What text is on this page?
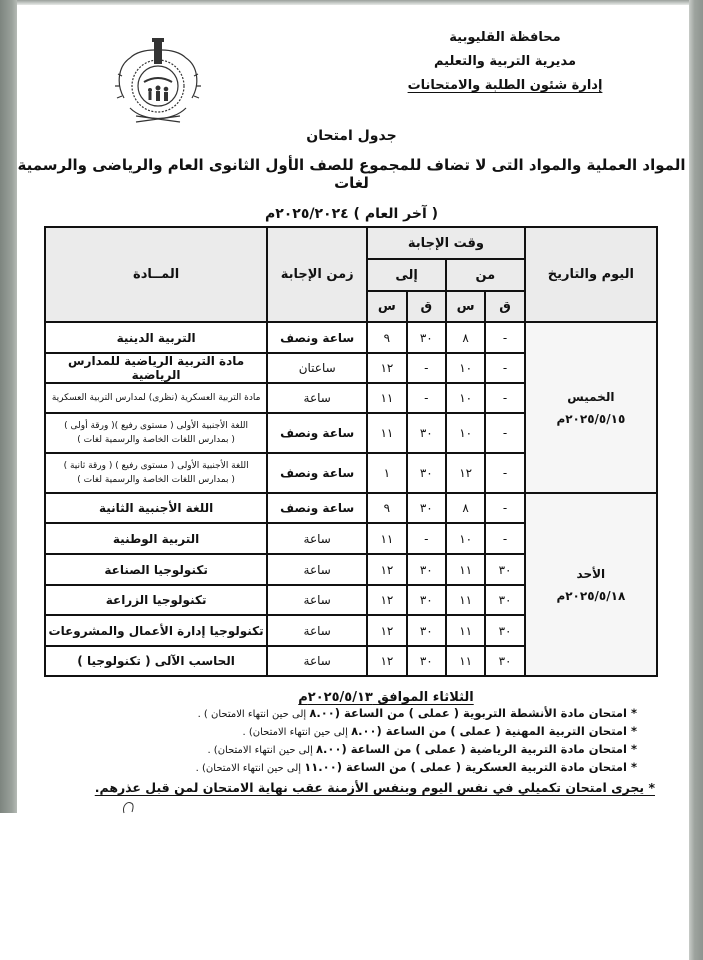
محافظة القليوبية
مديرية التربية والتعليم
إدارة شئون الطلبة والامتحانات
جدول امتحان
المواد العملية والمواد التى لا تضاف للمجموع للصف الأول الثانوى العام والرياضى والرسمية لغات
( آخر العام ) ٢٠٢٥/٢٠٢٤م
اليوم والتاريخ	وقت الإجابة				زمن الإجابة	المــادة
	من		إلى			
	ق	س	ق	س		

الخميس
٢٠٢٥/٥/١٥م	-	٨	٣٠	٩	ساعة ونصف	التربية الدينية

	-	١٠	-	١٢	ساعتان	مادة التربية الرياضية للمدارس الرياضية

	-	١٠	-	١١	ساعة	مادة التربية العسكرية (نظرى) لمدارس التربية العسكرية

	-	١٠	٣٠	١١	ساعة ونصف	اللغة الأجنبية الأولى ( مستوى رفيع )( ورقة أولى )
( بمدارس اللغات الخاصة والرسمية لغات )

	-	١٢	٣٠	١	ساعة ونصف	اللغة الأجنبية الأولى ( مستوى رفيع ) ( ورقة ثانية )
( بمدارس اللغات الخاصة والرسمية لغات )

الأحد
٢٠٢٥/٥/١٨م	-	٨	٣٠	٩	ساعة ونصف	اللغة الأجنبية الثانية

	-	١٠	-	١١	ساعة	التربية الوطنية

	٣٠	١١	٣٠	١٢	ساعة	تكنولوجيا الصناعة

	٣٠	١١	٣٠	١٢	ساعة	تكنولوجيا الزراعة

	٣٠	١١	٣٠	١٢	ساعة	تكنولوجيا إدارة الأعمال والمشروعات

	٣٠	١١	٣٠	١٢	ساعة	الحاسب الآلى ( تكنولوجيا )
الثلاثاء الموافق ٢٠٢٥/٥/١٣م
* امتحان مادة الأنشطة التربوية ( عملى ) من الساعة (٨.٠٠ إلى حين انتهاء الامتحان ) .
* امتحان التربية المهنية ( عملى ) من الساعة (٨.٠٠ إلى حين انتهاء الامتحان) .
* امتحان مادة التربية الرياضية ( عملى ) من الساعة (٨.٠٠ إلى حين انتهاء الامتحان) .
* امتحان مادة التربية العسكرية ( عملى ) من الساعة (١١.٠٠ إلى حين انتهاء الامتحان) .
* يجرى امتحان تكميلي في نفس اليوم وبنفس الأزمنة عقب نهاية الامتحان لمن قبل عذرهم.
